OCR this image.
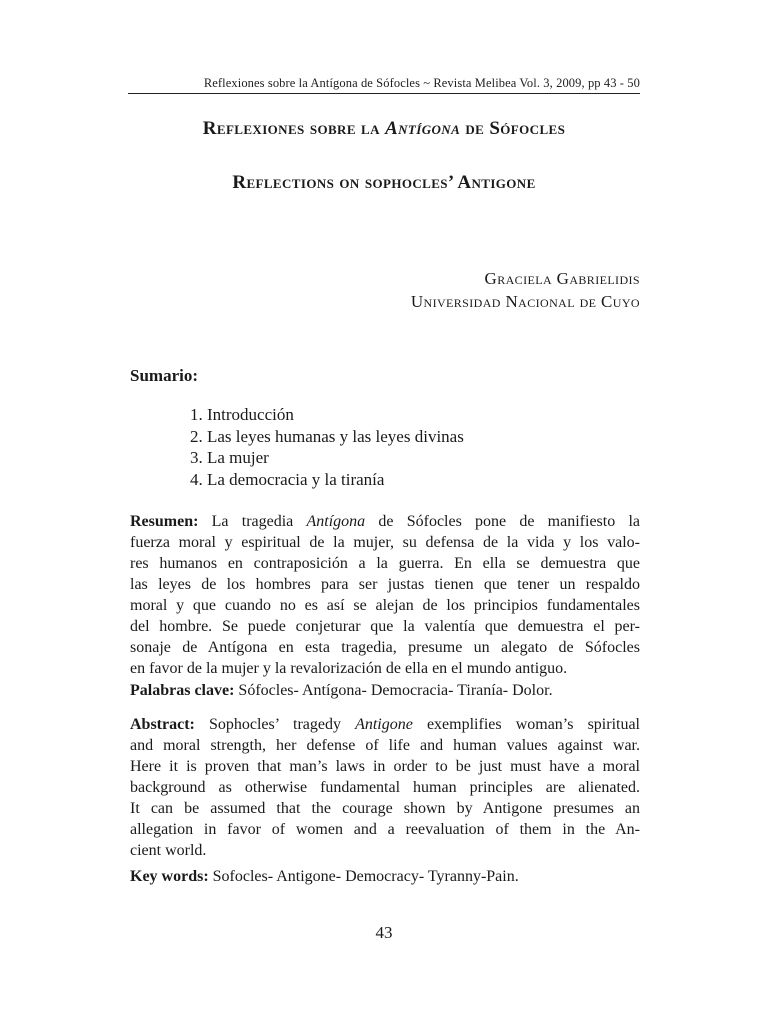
Reflexiones sobre la Antígona de Sófocles ~ Revista Melibea Vol. 3, 2009, pp 43 - 50
Reflexiones sobre la Antígona de Sófocles
Reflections on sophocles’ Antigone
Graciela Gabrielidis
Universidad Nacional de Cuyo
Sumario:
1. Introducción
2. Las leyes humanas y las leyes divinas
3. La mujer
4. La democracia y la tiranía
Resumen: La tragedia Antígona de Sófocles pone de manifiesto la
fuerza moral y espiritual de la mujer, su defensa de la vida y los valo-
res humanos en contraposición a la guerra. En ella se demuestra que
las leyes de los hombres para ser justas tienen que tener un respaldo
moral y que cuando no es así se alejan de los principios fundamentales
del hombre. Se puede conjeturar que la valentía que demuestra el per-
sonaje de Antígona en esta tragedia, presume un alegato de Sófocles
en favor de la mujer y la revalorización de ella en el mundo antiguo.
Palabras clave: Sófocles- Antígona- Democracia- Tiranía- Dolor.
Abstract: Sophocles’ tragedy Antigone exemplifies woman’s spiritual
and moral strength, her defense of life and human values against war.
Here it is proven that man’s laws in order to be just must have a moral
background as otherwise fundamental human principles are alienated.
It can be assumed that the courage shown by Antigone presumes an
allegation in favor of women and a reevaluation of them in the An-
cient world.
Key words: Sofocles- Antigone- Democracy- Tyranny-Pain.
43
